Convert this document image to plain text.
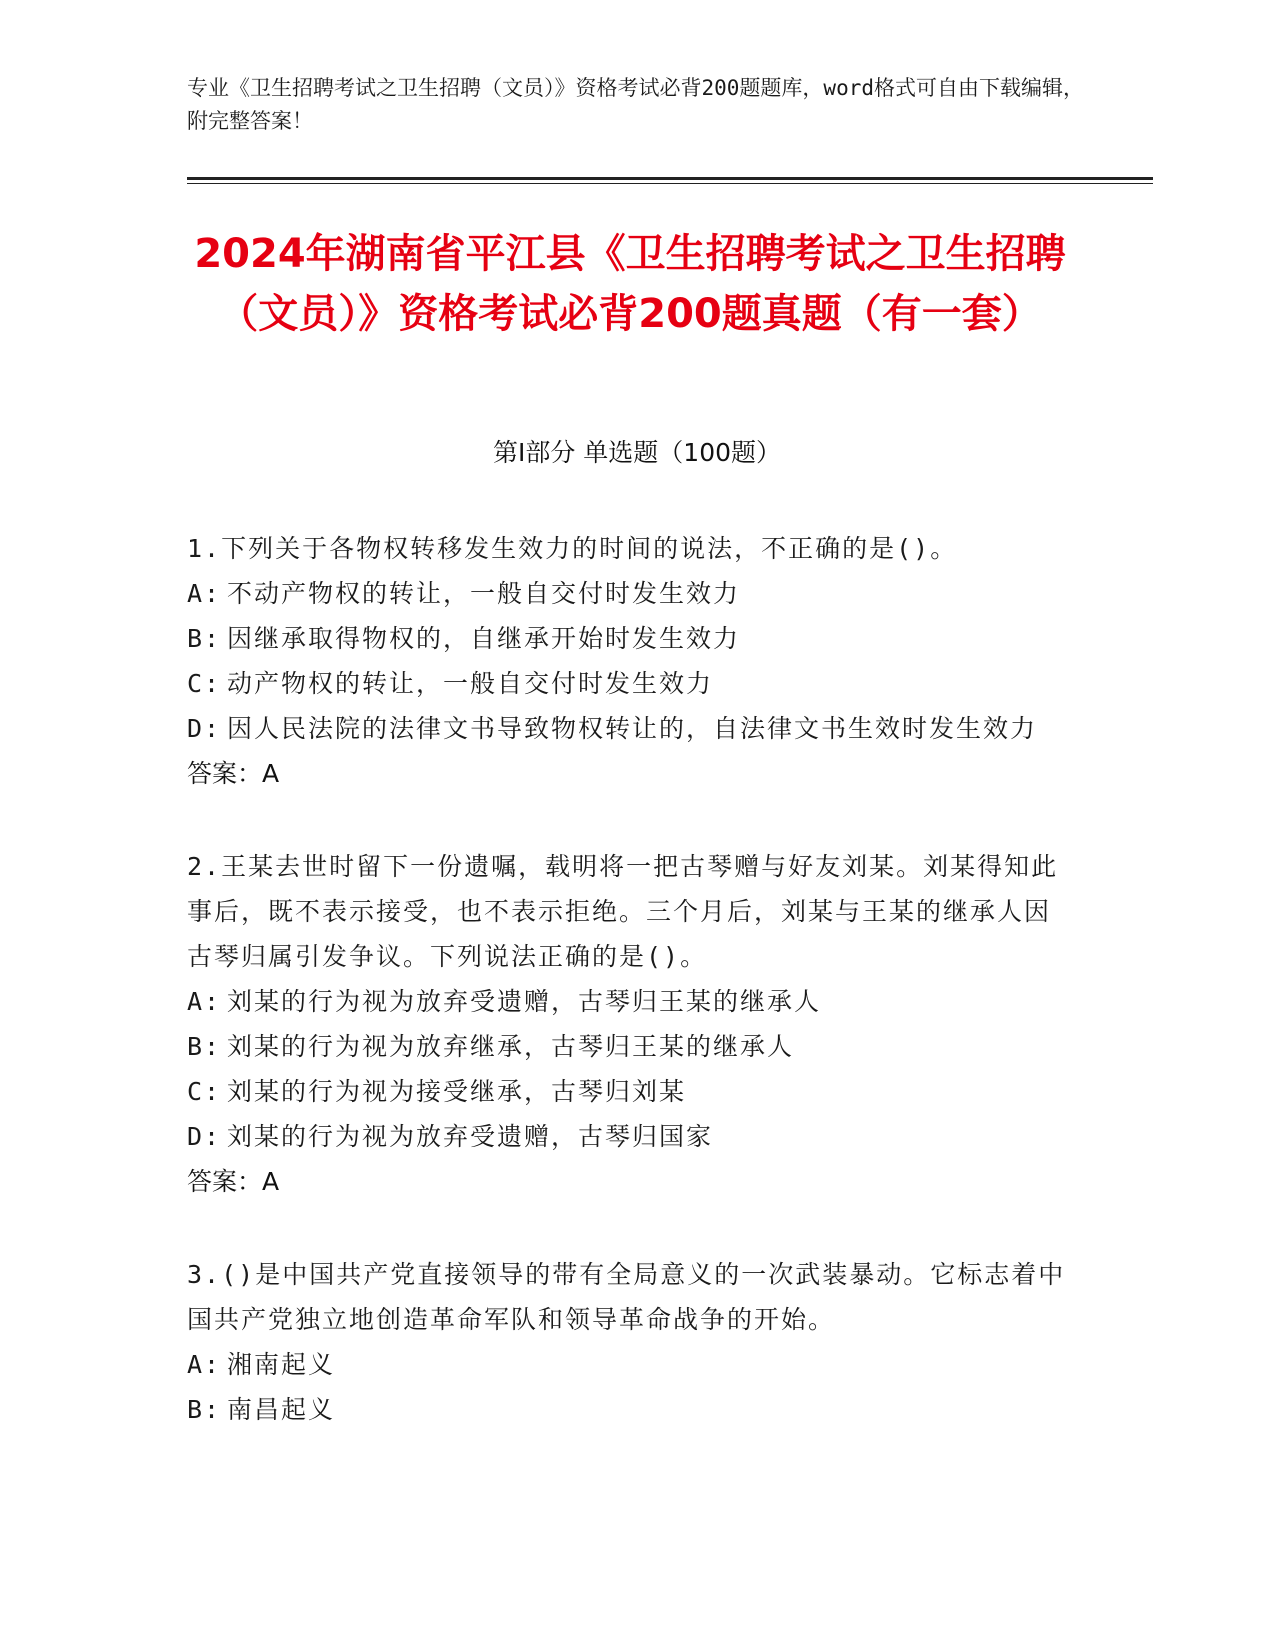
专业《卫生招聘考试之卫生招聘（文员）》资格考试必背200题题库，word格式可自由下载编辑，附完整答案！
2024年湖南省平江县《卫生招聘考试之卫生招聘（文员）》资格考试必背200题真题（有一套）
第I部分 单选题（100题）
1.下列关于各物权转移发生效力的时间的说法，不正确的是()。
A: 不动产物权的转让，一般自交付时发生效力
B: 因继承取得物权的，自继承开始时发生效力
C: 动产物权的转让，一般自交付时发生效力
D: 因人民法院的法律文书导致物权转让的，自法律文书生效时发生效力
答案：A
2.王某去世时留下一份遗嘱，载明将一把古琴赠与好友刘某。刘某得知此事后，既不表示接受，也不表示拒绝。三个月后，刘某与王某的继承人因古琴归属引发争议。下列说法正确的是()。
A: 刘某的行为视为放弃受遗赠，古琴归王某的继承人
B: 刘某的行为视为放弃继承，古琴归王某的继承人
C: 刘某的行为视为接受继承，古琴归刘某
D: 刘某的行为视为放弃受遗赠，古琴归国家
答案：A
3.()是中国共产党直接领导的带有全局意义的一次武装暴动。它标志着中国共产党独立地创造革命军队和领导革命战争的开始。
A: 湘南起义
B: 南昌起义
